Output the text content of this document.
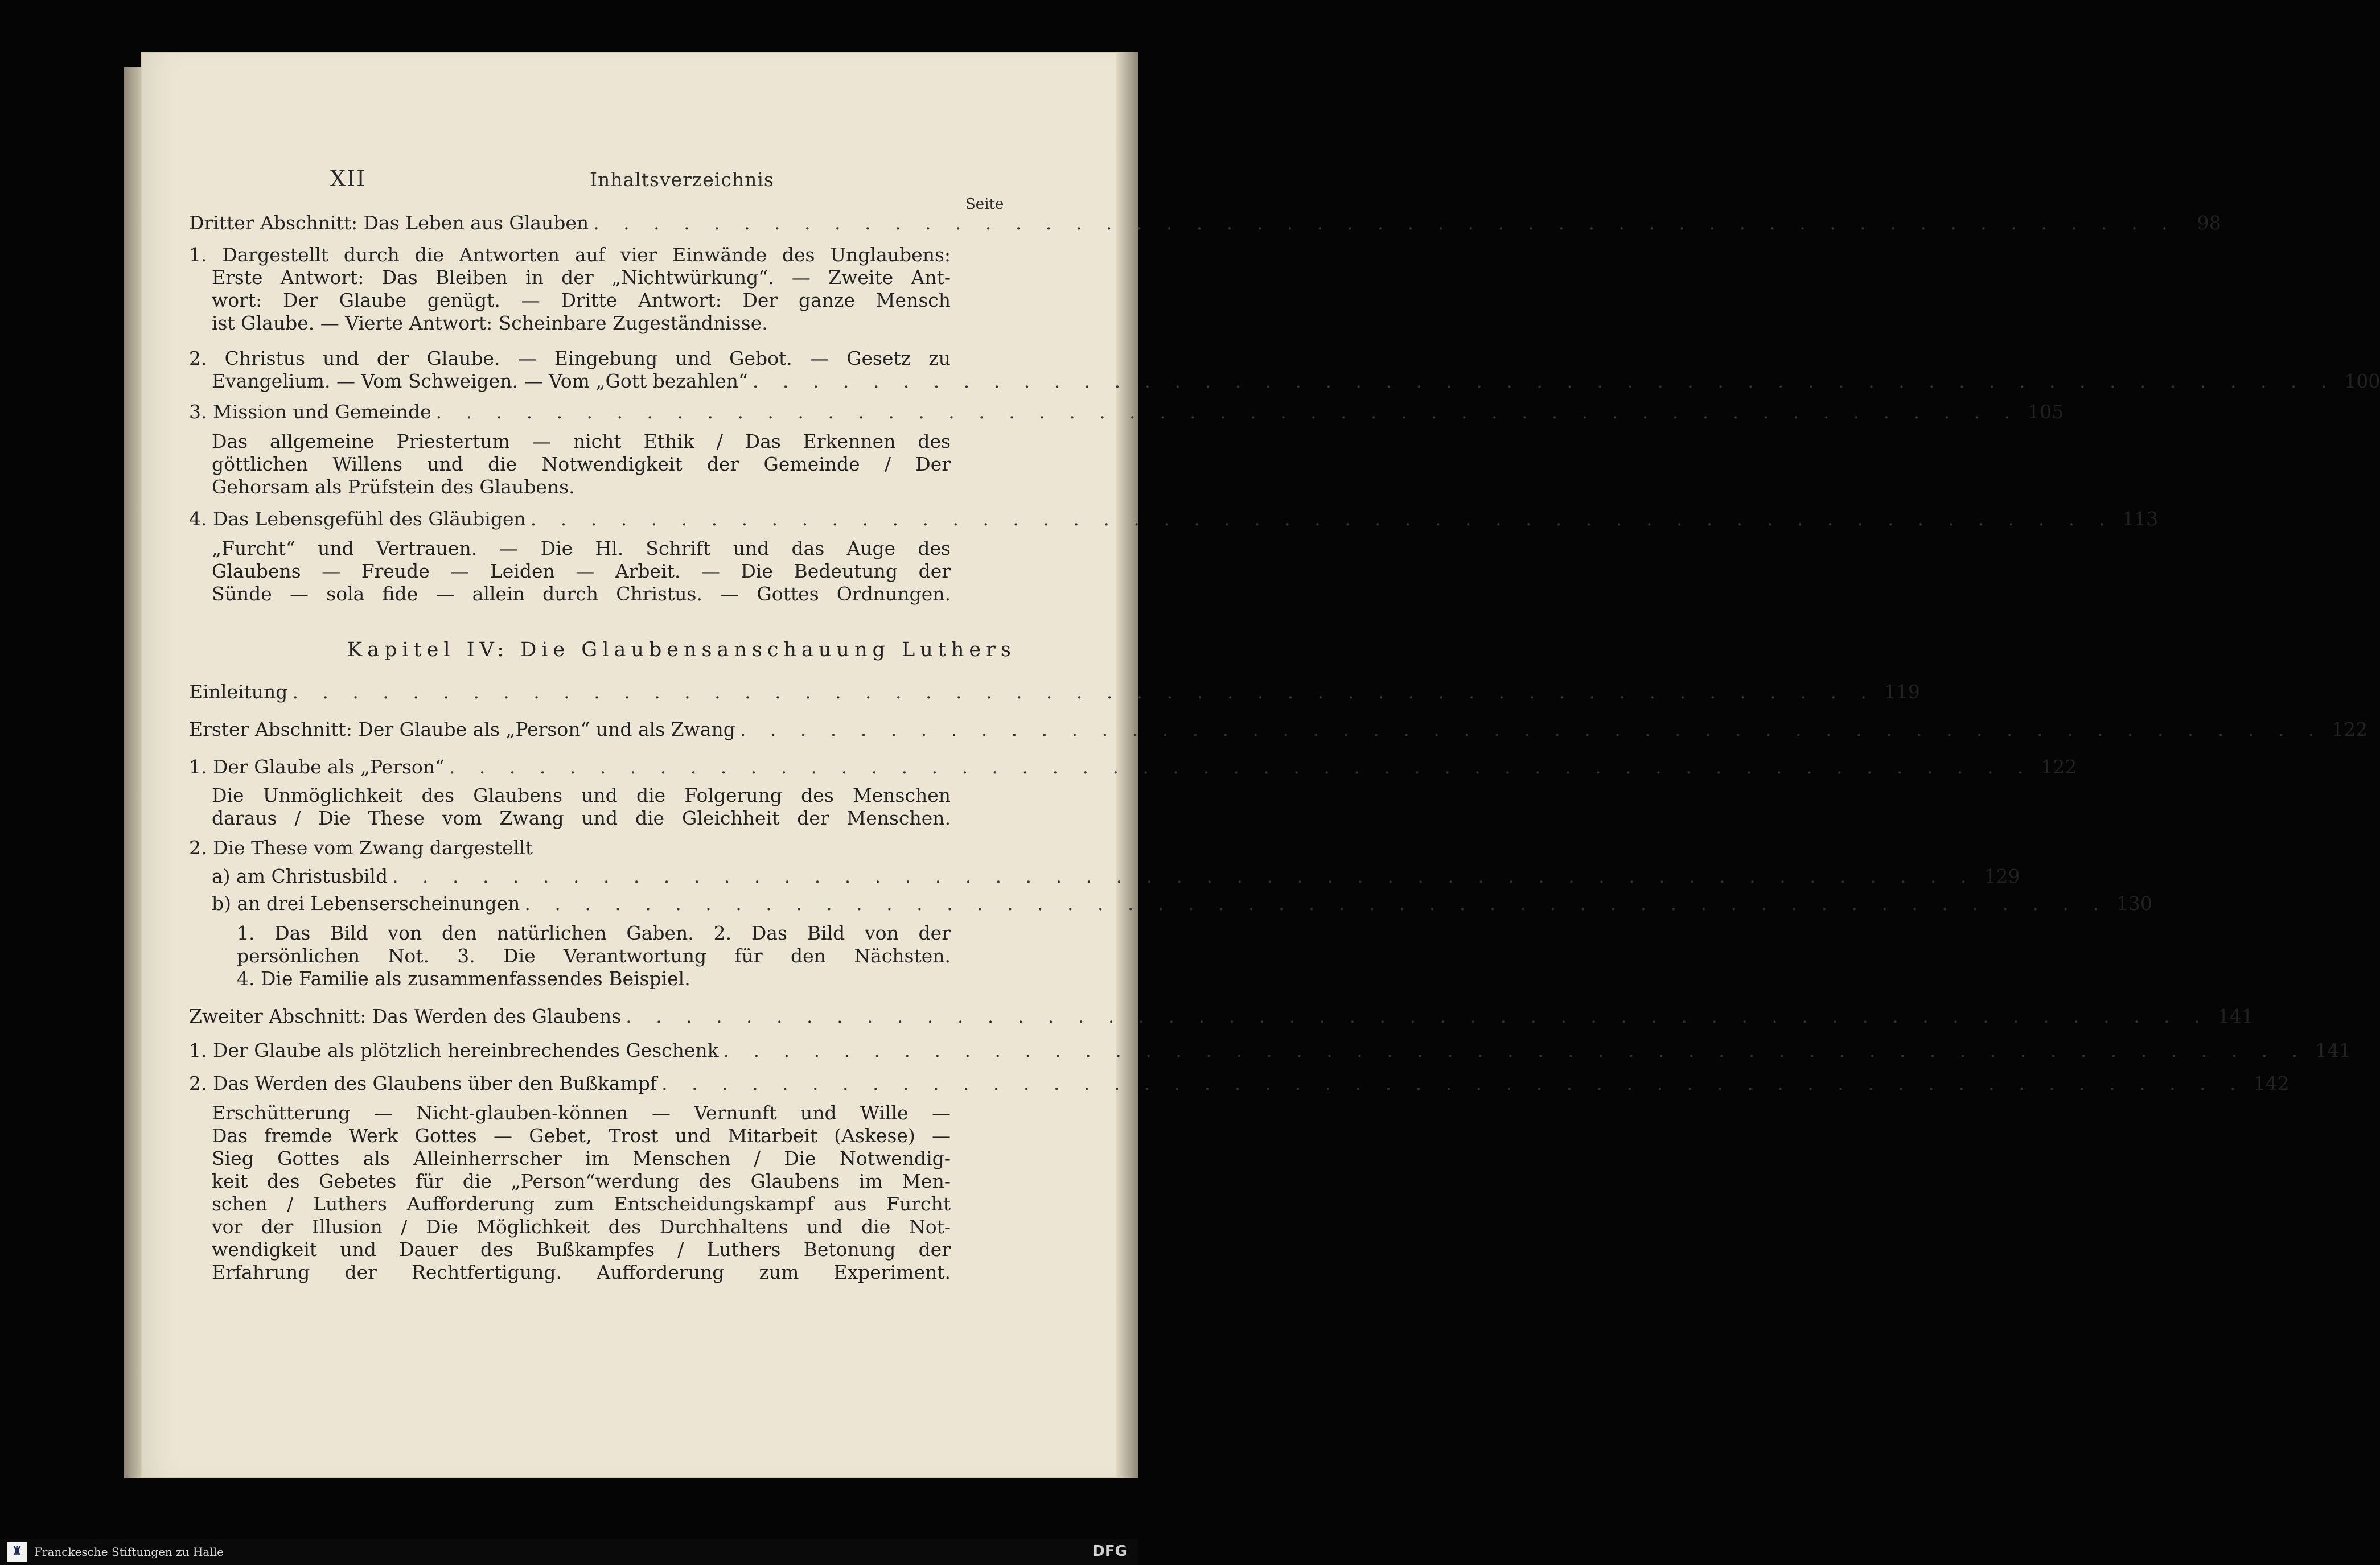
XII	Inhaltsverzeichnis
Seite
Dritter Abschnitt: Das Leben aus Glauben . . . . . . . . . . . . . . . . . . . . . . . . . . . . . . . . . . . . . . . . . . . . . . . . . . . . .	98
1. Dargestellt durch die Antworten auf vier Einwände des Unglaubens:
Erste Antwort: Das Bleiben in der „Nichtwürkung“. — Zweite Ant-
wort: Der Glaube genügt. — Dritte Antwort: Der ganze Mensch
ist Glaube. — Vierte Antwort: Scheinbare Zugeständnisse.
2. Christus und der Glaube. — Eingebung und Gebot. — Gesetz zu
Evangelium. — Vom Schweigen. — Vom „Gott bezahlen“ . . . . . . . . . . . . . . . . . . . . . . . . . . . . . . . . . . . . . . . . . . . . . . . . . . . . . 100
3. Mission und Gemeinde . . . . . . . . . . . . . . . . . . . . . . . . . . . . . . . . . . . . . . . . . . . . . . . . . . . . . 105
Das allgemeine Priestertum — nicht Ethik / Das Erkennen des
göttlichen Willens und die Notwendigkeit der Gemeinde / Der
Gehorsam als Prüfstein des Glaubens.
4. Das Lebensgefühl des Gläubigen . . . . . . . . . . . . . . . . . . . . . . . . . . . . . . . . . . . . . . . . . . . . . . . . . . . . . 113
„Furcht“ und Vertrauen. — Die Hl. Schrift und das Auge des
Glaubens — Freude — Leiden — Arbeit. — Die Bedeutung der
Sünde — sola fide — allein durch Christus. — Gottes Ordnungen.
Einleitung . . . . . . . . . . . . . . . . . . . . . . . . . . . . . . . . . . . . . . . . . . . . . . . . . . . . . 119
Erster Abschnitt: Der Glaube als „Person“ und als Zwang . . . . . . . . . . . . . . . . . . . . . . . . . . . . . . . . . . . . . . . . . . . . . . . . . . . . . 122
1. Der Glaube als „Person“ . . . . . . . . . . . . . . . . . . . . . . . . . . . . . . . . . . . . . . . . . . . . . . . . . . . . . 122
Die Unmöglichkeit des Glaubens und die Folgerung des Menschen
daraus / Die These vom Zwang und die Gleichheit der Menschen.
2. Die These vom Zwang dargestellt
a) am Christusbild . . . . . . . . . . . . . . . . . . . . . . . . . . . . . . . . . . . . . . . . . . . . . . . . . . . . . 129
b) an drei Lebenserscheinungen . . . . . . . . . . . . . . . . . . . . . . . . . . . . . . . . . . . . . . . . . . . . . . . . . . . . . 130
1. Das Bild von den natürlichen Gaben. 2. Das Bild von der
persönlichen Not. 3. Die Verantwortung für den Nächsten.
4. Die Familie als zusammenfassendes Beispiel.
Zweiter Abschnitt: Das Werden des Glaubens . . . . . . . . . . . . . . . . . . . . . . . . . . . . . . . . . . . . . . . . . . . . . . . . . . . . . 141
1. Der Glaube als plötzlich hereinbrechendes Geschenk . . . . . . . . . . . . . . . . . . . . . . . . . . . . . . . . . . . . . . . . . . . . . . . . . . . . . 141
2. Das Werden des Glaubens über den Bußkampf . . . . . . . . . . . . . . . . . . . . . . . . . . . . . . . . . . . . . . . . . . . . . . . . . . . . . 142
Erschütterung — Nicht-glauben-können — Vernunft und Wille —
Das fremde Werk Gottes — Gebet, Trost und Mitarbeit (Askese) —
Sieg Gottes als Alleinherrscher im Menschen / Die Notwendig-
keit des Gebetes für die „Person“werdung des Glaubens im Men-
schen / Luthers Aufforderung zum Entscheidungskampf aus Furcht
vor der Illusion / Die Möglichkeit des Durchhaltens und die Not-
wendigkeit und Dauer des Bußkampfes / Luthers Betonung der
Erfahrung der Rechtfertigung. Aufforderung zum Experiment.
Kapitel IV: Die Glaubensanschauung Luthers
♜	Franckesche Stiftungen zu Halle	DFG
